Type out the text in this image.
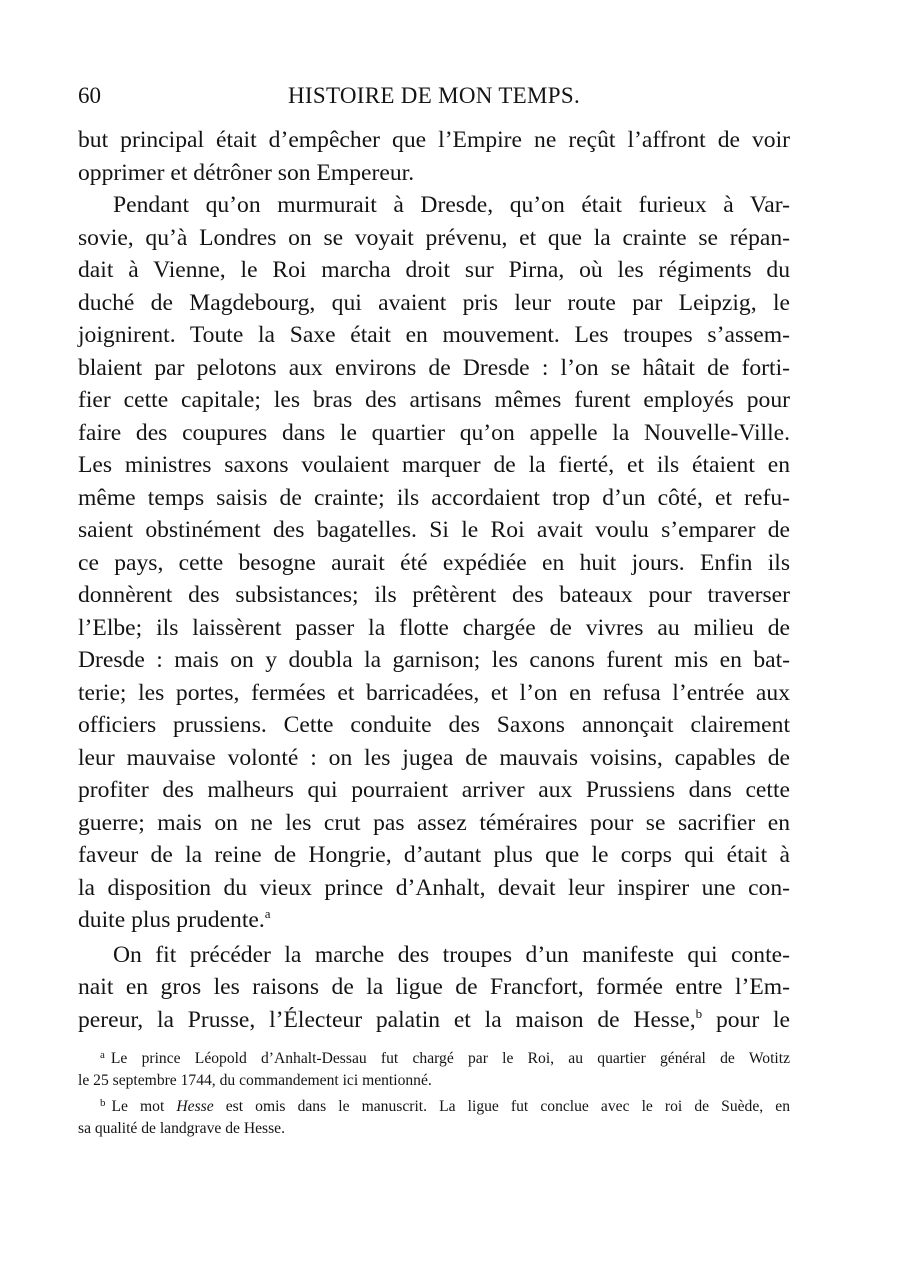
60	HISTOIRE DE MON TEMPS.
but principal était d’empêcher que l’Empire ne reçût l’affront de voir
opprimer et détrôner son Empereur.
Pendant qu’on murmurait à Dresde, qu’on était furieux à Var-
sovie, qu’à Londres on se voyait prévenu, et que la crainte se répan-
dait à Vienne, le Roi marcha droit sur Pirna, où les régiments du
duché de Magdebourg, qui avaient pris leur route par Leipzig, le
joignirent. Toute la Saxe était en mouvement. Les troupes s’assem-
blaient par pelotons aux environs de Dresde : l’on se hâtait de forti-
fier cette capitale; les bras des artisans mêmes furent employés pour
faire des coupures dans le quartier qu’on appelle la Nouvelle-Ville.
Les ministres saxons voulaient marquer de la fierté, et ils étaient en
même temps saisis de crainte; ils accordaient trop d’un côté, et refu-
saient obstinément des bagatelles. Si le Roi avait voulu s’emparer de
ce pays, cette besogne aurait été expédiée en huit jours. Enfin ils
donnèrent des subsistances; ils prêtèrent des bateaux pour traverser
l’Elbe; ils laissèrent passer la flotte chargée de vivres au milieu de
Dresde : mais on y doubla la garnison; les canons furent mis en bat-
terie; les portes, fermées et barricadées, et l’on en refusa l’entrée aux
officiers prussiens. Cette conduite des Saxons annonçait clairement
leur mauvaise volonté : on les jugea de mauvais voisins, capables de
profiter des malheurs qui pourraient arriver aux Prussiens dans cette
guerre; mais on ne les crut pas assez téméraires pour se sacrifier en
faveur de la reine de Hongrie, d’autant plus que le corps qui était à
la disposition du vieux prince d’Anhalt, devait leur inspirer une con-
duite plus prudente.$^a$
On fit précéder la marche des troupes d’un manifeste qui conte-
nait en gros les raisons de la ligue de Francfort, formée entre l’Em-
pereur, la Prusse, l’Électeur palatin et la maison de Hesse,$^b$ pour le
$^a$ Le prince Léopold d’Anhalt-Dessau fut chargé par le Roi, au quartier général de Wotitz
le 25 septembre 1744, du commandement ici mentionné.
$^b$ Le mot Hesse est omis dans le manuscrit. La ligue fut conclue avec le roi de Suède, en
sa qualité de landgrave de Hesse.
